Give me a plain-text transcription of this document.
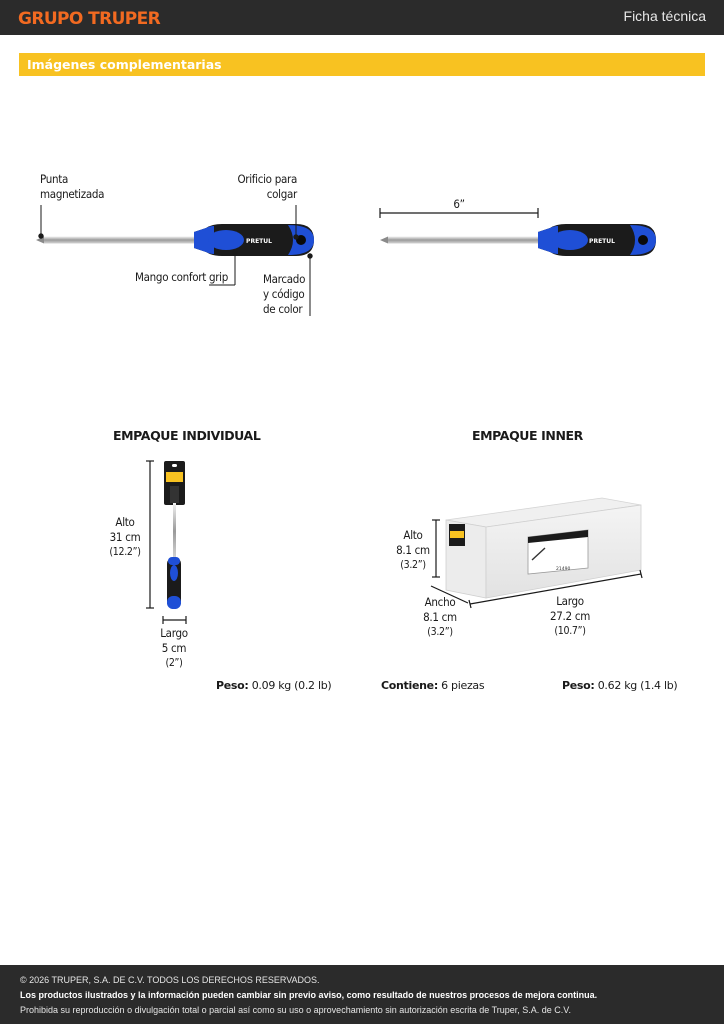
GRUPO TRUPER	Ficha técnica
Imágenes complementarias
PRETUL	PRETUL
21490
Punta
magnetizada
Orificio para
colgar
Mango confort grip	Marcado
y código
de color
6”
EMPAQUE INDIVIDUAL
Alto
31 cm
(12.2”)
Largo
5 cm
(2”)
Peso: 0.09 kg (0.2 lb)
EMPAQUE INNER
Alto
8.1 cm
(3.2”)
Ancho
8.1 cm
(3.2”)
Largo
27.2 cm
(10.7”)
Contiene: 6 piezas	Peso: 0.62 kg (1.4 lb)

© 2026 TRUPER, S.A. DE C.V. TODOS LOS DERECHOS RESERVADOS.

Los productos ilustrados y la información pueden cambiar sin previo aviso, como resultado de nuestros procesos de mejora continua.

Prohibida su reproducción o divulgación total o parcial así como su uso o aprovechamiento sin autorización escrita de Truper, S.A. de C.V.
